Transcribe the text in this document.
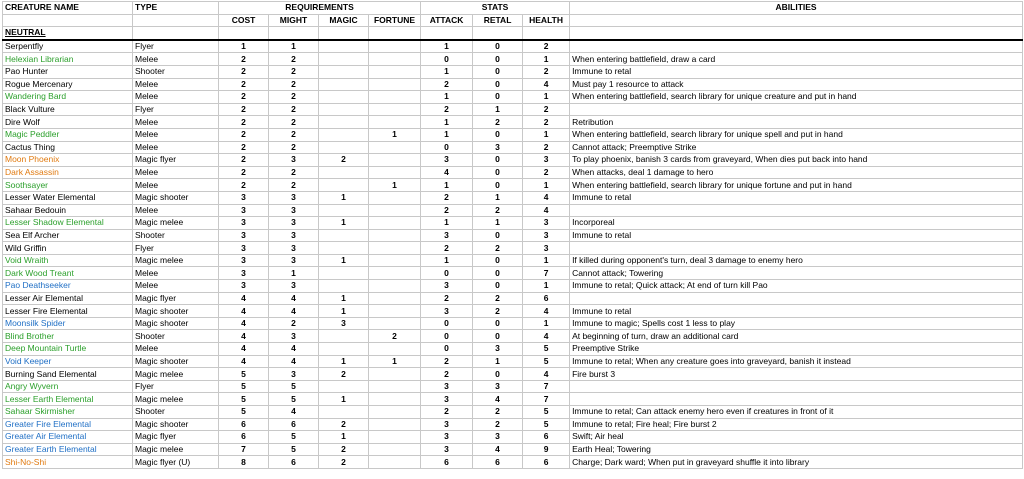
CREATURE NAME	TYPE	REQUIREMENTS				STATS			ABILITIES
		COST	MIGHT	MAGIC	FORTUNE	ATTACK	RETAL	HEALTH	
NEUTRAL									
Serpentfly	Flyer	1	1			1	0	2	
Helexian Librarian	Melee	2	2			0	0	1	When entering battlefield, draw a card
Pao Hunter	Shooter	2	2			1	0	2	Immune to retal
Rogue Mercenary	Melee	2	2			2	0	4	Must pay 1 resource to attack
Wandering Bard	Melee	2	2			1	0	1	When entering battlefield, search library for unique creature and put in hand
Black Vulture	Flyer	2	2			2	1	2	
Dire Wolf	Melee	2	2			1	2	2	Retribution
Magic Peddler	Melee	2	2		1	1	0	1	When entering battlefield, search library for unique spell and put in hand
Cactus Thing	Melee	2	2			0	3	2	Cannot attack; Preemptive Strike
Moon Phoenix	Magic flyer	2	3	2		3	0	3	To play phoenix, banish 3 cards from graveyard, When dies put back into hand
Dark Assassin	Melee	2	2			4	0	2	When attacks, deal 1 damage to hero
Soothsayer	Melee	2	2		1	1	0	1	When entering battlefield, search library for unique fortune and put in hand
Lesser Water Elemental	Magic shooter	3	3	1		2	1	4	Immune to retal
Sahaar Bedouin	Melee	3	3			2	2	4	
Lesser Shadow Elemental	Magic melee	3	3	1		1	1	3	Incorporeal
Sea Elf Archer	Shooter	3	3			3	0	3	Immune to retal
Wild Griffin	Flyer	3	3			2	2	3	
Void Wraith	Magic melee	3	3	1		1	0	1	If killed during opponent's turn, deal 3 damage to enemy hero
Dark Wood Treant	Melee	3	1			0	0	7	Cannot attack; Towering
Pao Deathseeker	Melee	3	3			3	0	1	Immune to retal; Quick attack; At end of turn kill Pao
Lesser Air Elemental	Magic flyer	4	4	1		2	2	6	
Lesser Fire Elemental	Magic shooter	4	4	1		3	2	4	Immune to retal
Moonsilk Spider	Magic shooter	4	2	3		0	0	1	Immune to magic; Spells cost 1 less to play
Blind Brother	Shooter	4	3		2	0	0	4	At beginning of turn, draw an additional card
Deep Mountain Turtle	Melee	4	4			0	3	5	Preemptive Strike
Void Keeper	Magic shooter	4	4	1	1	2	1	5	Immune to retal; When any creature goes into graveyard, banish it instead
Burning Sand Elemental	Magic melee	5	3	2		2	0	4	Fire burst 3
Angry Wyvern	Flyer	5	5			3	3	7	
Lesser Earth Elemental	Magic melee	5	5	1		3	4	7	
Sahaar Skirmisher	Shooter	5	4			2	2	5	Immune to retal; Can attack enemy hero even if creatures in front of it
Greater Fire Elemental	Magic shooter	6	6	2		3	2	5	Immune to retal; Fire heal; Fire burst 2
Greater Air Elemental	Magic flyer	6	5	1		3	3	6	Swift; Air heal
Greater Earth Elemental	Magic melee	7	5	2		3	4	9	Earth Heal; Towering
Shi-No-Shi	Magic flyer (U)	8	6	2		6	6	6	Charge; Dark ward; When put in graveyard shuffle it into library
